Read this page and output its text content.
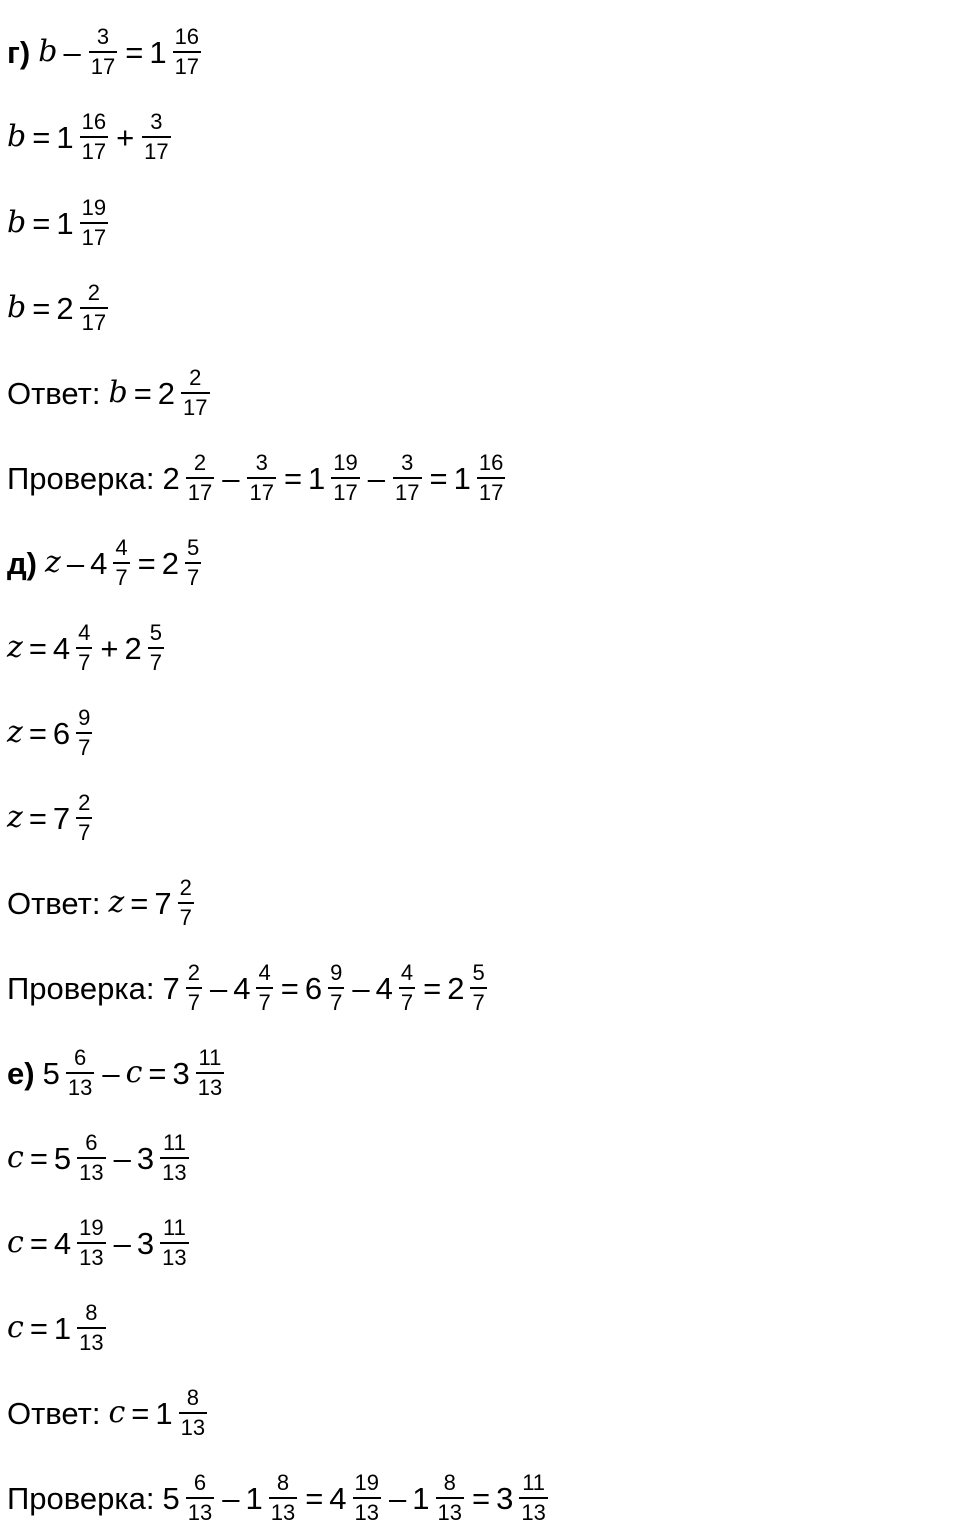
г) $b - \frac{3}{17} = 1 \frac{16}{17}$
$b = 1 \frac{16}{17} + \frac{3}{17}$
$b = 1 \frac{19}{17}$
$b = 2 \frac{2}{17}$
Ответ: $b = 2 \frac{2}{17}$
Проверка: $2 \frac{2}{17} - \frac{3}{17} = 1 \frac{19}{17} - \frac{3}{17} = 1 \frac{16}{17}$
д) $z - 4 \frac{4}{7} = 2 \frac{5}{7}$
$z = 4 \frac{4}{7} + 2 \frac{5}{7}$
$z = 6 \frac{9}{7}$
$z = 7 \frac{2}{7}$
Ответ: $z = 7 \frac{2}{7}$
Проверка: $7 \frac{2}{7} - 4 \frac{4}{7} = 6 \frac{9}{7} - 4 \frac{4}{7} = 2 \frac{5}{7}$
е) $5 \frac{6}{13} - c = 3 \frac{11}{13}$
$c = 5 \frac{6}{13} - 3 \frac{11}{13}$
$c = 4 \frac{19}{13} - 3 \frac{11}{13}$
$c = 1 \frac{8}{13}$
Ответ: $c = 1 \frac{8}{13}$
Проверка: $5 \frac{6}{13} - 1 \frac{8}{13} = 4 \frac{19}{13} - 1 \frac{8}{13} = 3 \frac{11}{13}$
